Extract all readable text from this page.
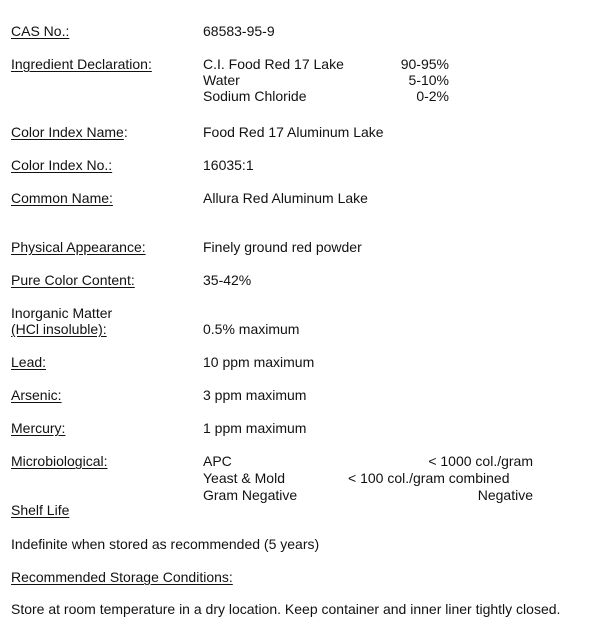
CAS No.:	68583-95-9
Ingredient Declaration:	C.I. Food Red 17 Lake	90-95%
Water	5-10%
Sodium Chloride	0-2%
Color Index Name:	Food Red 17 Aluminum Lake
Color Index No.:	16035:1
Common Name:	Allura Red Aluminum Lake
Physical Appearance:	Finely ground red powder
Pure Color Content:	35-42%
Inorganic Matter
(HCl insoluble):	0.5% maximum
Lead:	10 ppm maximum
Arsenic:	3 ppm maximum
Mercury:	1 ppm maximum
Microbiological:	APC	< 1000 col./gram
Yeast & Mold	< 100 col./gram combined
Gram Negative	Negative
Shelf Life
Indefinite when stored as recommended (5 years)
Recommended Storage Conditions:
Store at room temperature in a dry location. Keep container and inner liner tightly closed.
